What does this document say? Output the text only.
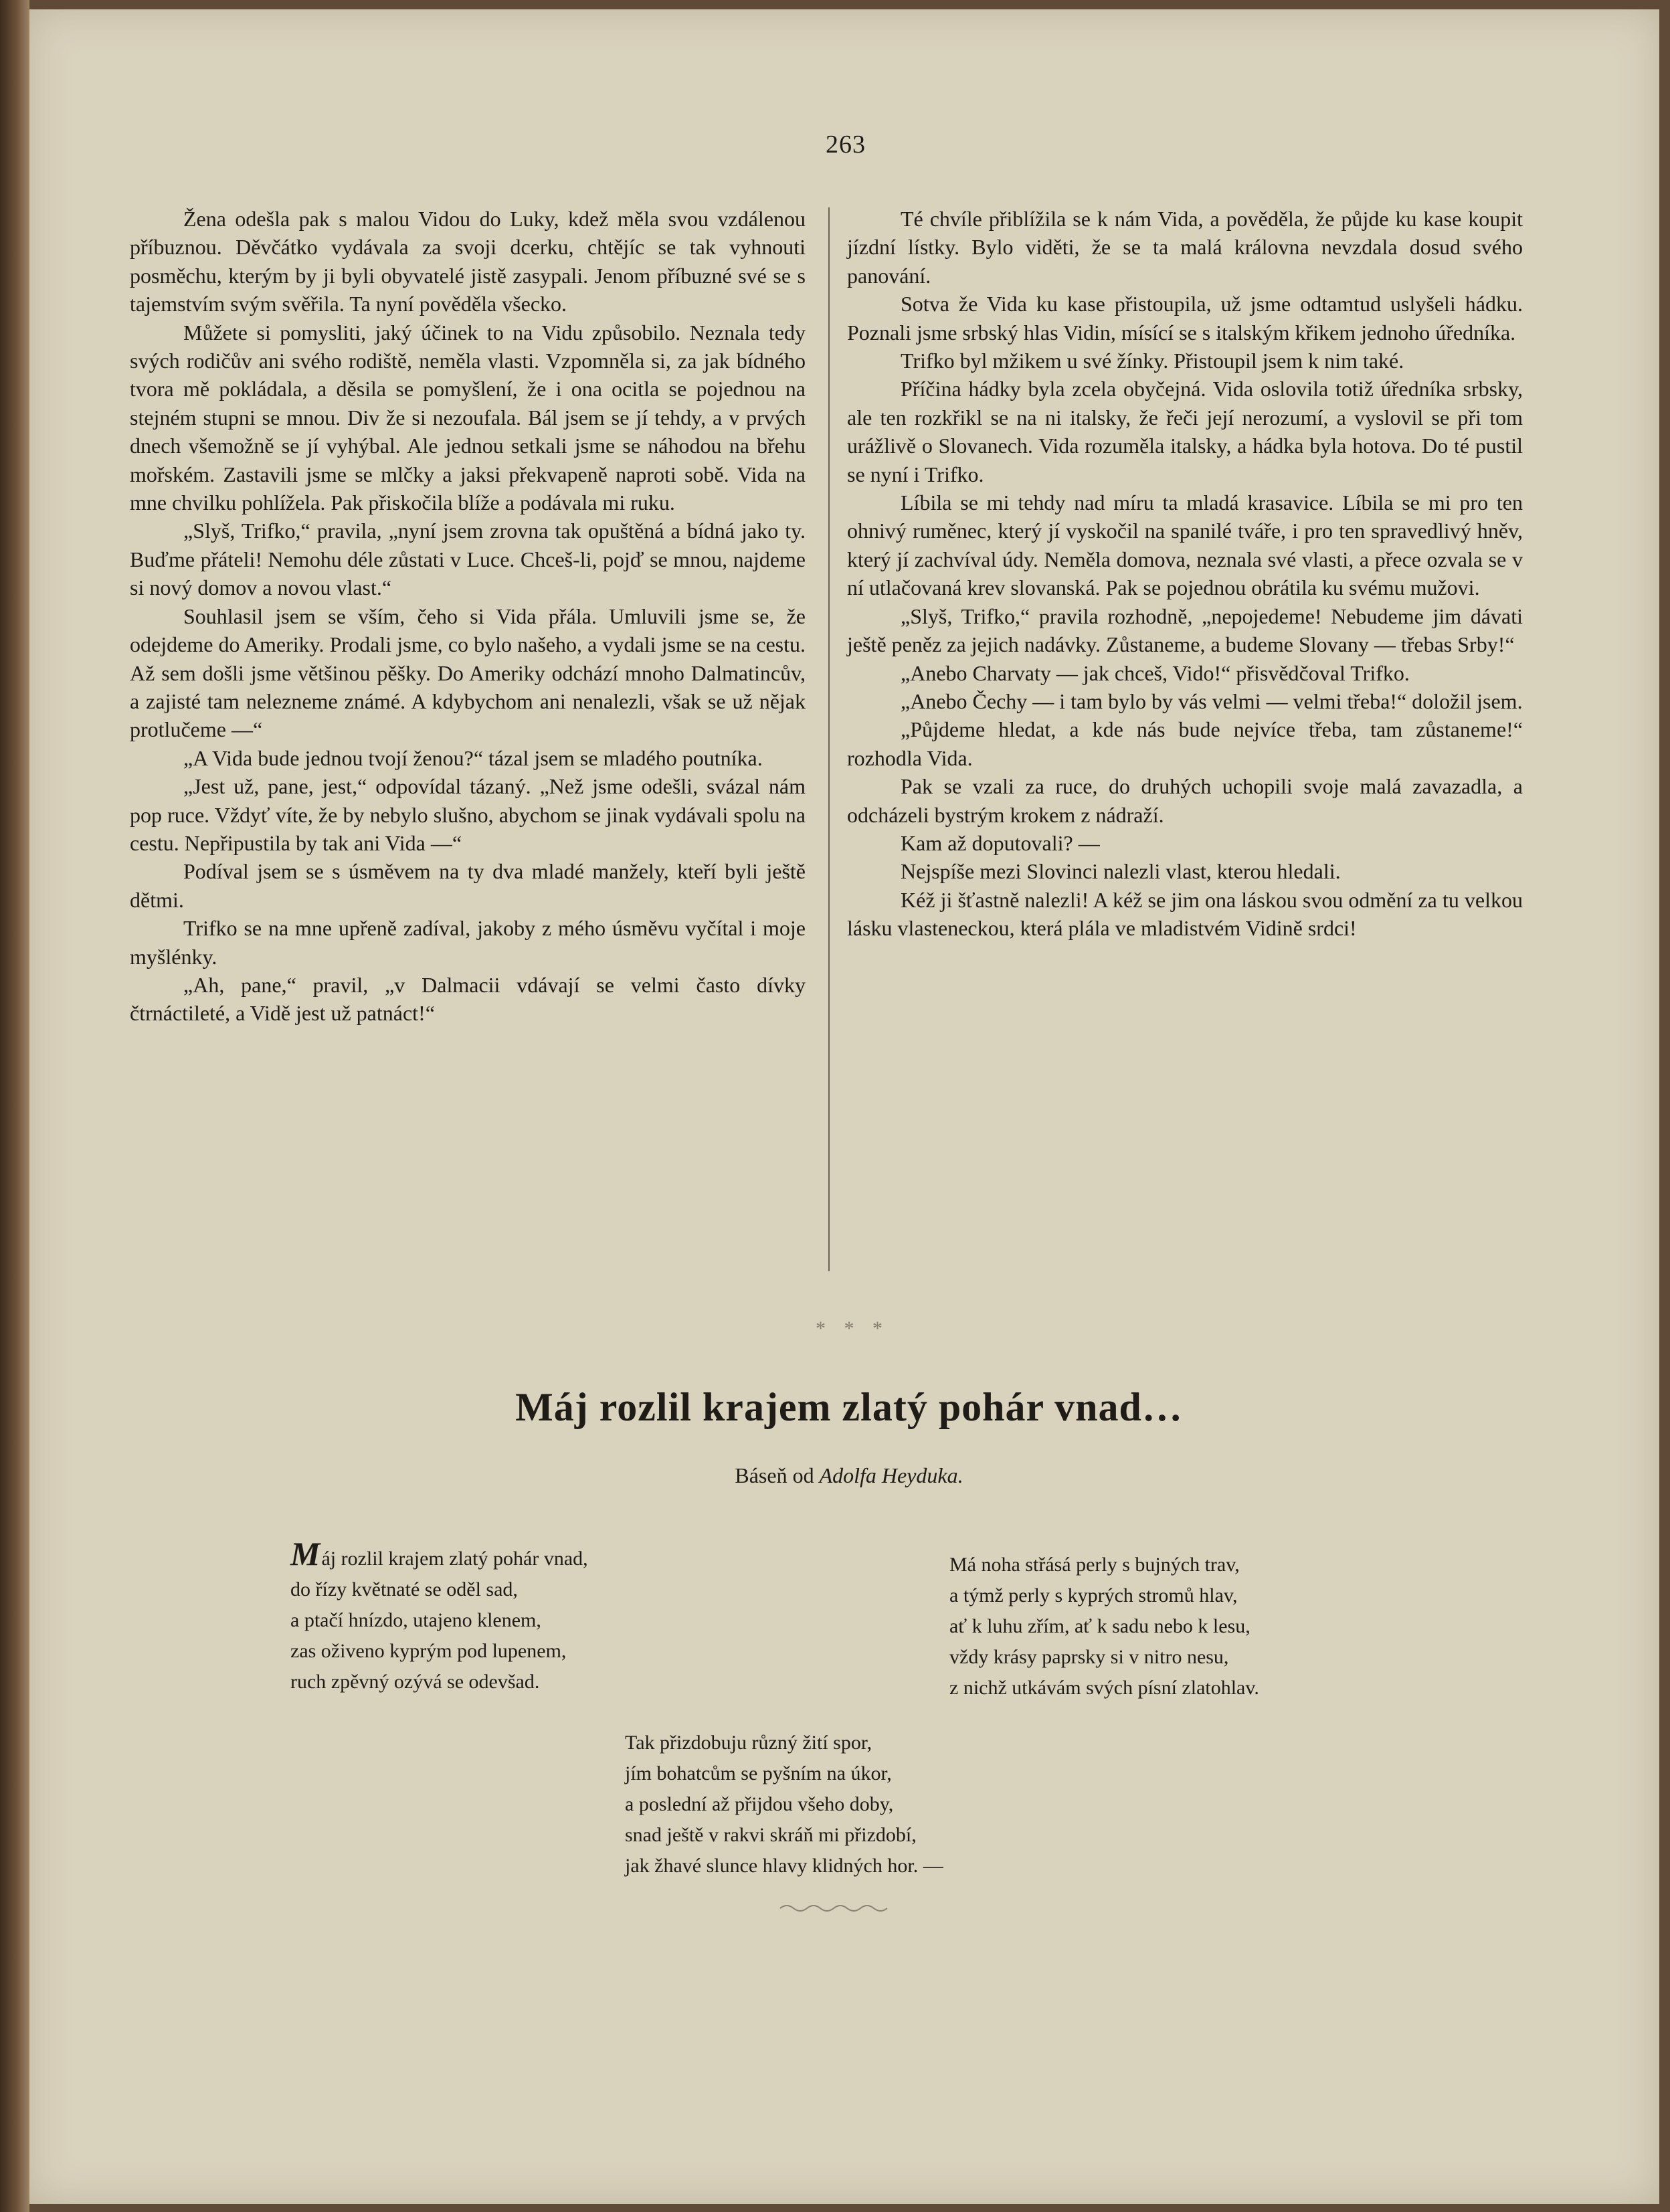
263

Žena odešla pak s malou Vidou do Luky, kdež měla svou vzdálenou příbuznou. Děvčátko vydávala za svoji dcerku, chtějíc se tak vyhnouti posměchu, kterým by ji byli obyvatelé jistě zasypali. Jenom příbuzné své se s tajemstvím svým svěřila. Ta nyní pověděla všecko.

Můžete si pomysliti, jaký účinek to na Vidu způsobilo. Neznala tedy svých rodičův ani svého rodiště, neměla vlasti. Vzpomněla si, za jak bídného tvora mě pokládala, a děsila se pomyšlení, že i ona ocitla se pojednou na stejném stupni se mnou. Div že si nezoufala. Bál jsem se jí tehdy, a v prvých dnech všemožně se jí vyhýbal. Ale jednou setkali jsme se náhodou na břehu mořském. Zastavili jsme se mlčky a jaksi překvapeně naproti sobě. Vida na mne chvilku pohlížela. Pak přiskočila blíže a podávala mi ruku.

„Slyš, Trifko,“ pravila, „nyní jsem zrovna tak opuštěná a bídná jako ty. Buďme přáteli! Nemohu déle zůstati v Luce. Chceš-li, pojď se mnou, najdeme si nový domov a novou vlast.“

Souhlasil jsem se vším, čeho si Vida přála. Umluvili jsme se, že odejdeme do Ameriky. Prodali jsme, co bylo našeho, a vydali jsme se na cestu. Až sem došli jsme většinou pěšky. Do Ameriky odchází mnoho Dalmatincův, a zajisté tam nelezneme známé. A kdybychom ani nenalezli, však se už nějak protlučeme —“

„A Vida bude jednou tvojí ženou?“ tázal jsem se mladého poutníka.

„Jest už, pane, jest,“ odpovídal tázaný. „Než jsme odešli, svázal nám pop ruce. Vždyť víte, že by nebylo slušno, abychom se jinak vydávali spolu na cestu. Nepřipustila by tak ani Vida —“

Podíval jsem se s úsměvem na ty dva mladé manžely, kteří byli ještě dětmi.

Trifko se na mne upřeně zadíval, jakoby z mého úsměvu vyčítal i moje myšlénky.

„Ah, pane,“ pravil, „v Dalmacii vdávají se velmi často dívky čtrnáctileté, a Vidě jest už patnáct!“

Té chvíle přiblížila se k nám Vida, a pověděla, že půjde ku kase koupit jízdní lístky. Bylo viděti, že se ta malá královna nevzdala dosud svého panování.

Sotva že Vida ku kase přistoupila, už jsme odtamtud uslyšeli hádku. Poznali jsme srbský hlas Vidin, mísící se s italským křikem jednoho úředníka.

Trifko byl mžikem u své žínky. Přistoupil jsem k nim také.

Příčina hádky byla zcela obyčejná. Vida oslovila totiž úředníka srbsky, ale ten rozkřikl se na ni italsky, že řeči její nerozumí, a vyslovil se při tom urážlivě o Slovanech. Vida rozuměla italsky, a hádka byla hotova. Do té pustil se nyní i Trifko.

Líbila se mi tehdy nad míru ta mladá krasavice. Líbila se mi pro ten ohnivý ruměnec, který jí vyskočil na spanilé tváře, i pro ten spravedlivý hněv, který jí zachvíval údy. Neměla domova, neznala své vlasti, a přece ozvala se v ní utlačovaná krev slovanská. Pak se pojednou obrátila ku svému mužovi.

„Slyš, Trifko,“ pravila rozhodně, „nepojedeme! Nebudeme jim dávati ještě peněz za jejich nadávky. Zůstaneme, a budeme Slovany — třebas Srby!“

„Anebo Charvaty — jak chceš, Vido!“ přisvědčoval Trifko.

„Anebo Čechy — i tam bylo by vás velmi — velmi třeba!“ doložil jsem.

„Půjdeme hledat, a kde nás bude nejvíce třeba, tam zůstaneme!“ rozhodla Vida.

Pak se vzali za ruce, do druhých uchopili svoje malá zavazadla, a odcházeli bystrým krokem z nádraží.

Kam až doputovali? —

Nejspíše mezi Slovinci nalezli vlast, kterou hledali.

Kéž ji šťastně nalezli! A kéž se jim ona láskou svou odmění za tu velkou lásku vlasteneckou, která plála ve mladistvém Vidině srdci!

* * *
Máj rozlil krajem zlatý pohár vnad…
Báseň od Adolfa Heyduka.
Máj rozlil krajem zlatý pohár vnad,
do řízy květnaté se oděl sad,
a ptačí hnízdo, utajeno klenem,
zas oživeno kyprým pod lupenem,
ruch zpěvný ozývá se odevšad.
Má noha střásá perly s bujných trav,
a týmž perly s kyprých stromů hlav,
ať k luhu zřím, ať k sadu nebo k lesu,
vždy krásy paprsky si v nitro nesu,
z nichž utkávám svých písní zlatohlav.
Tak přizdobuju různý žití spor,
jím bohatcům se pyšním na úkor,
a poslední až přijdou všeho doby,
snad ještě v rakvi skráň mi přizdobí,
jak žhavé slunce hlavy klidných hor. —
